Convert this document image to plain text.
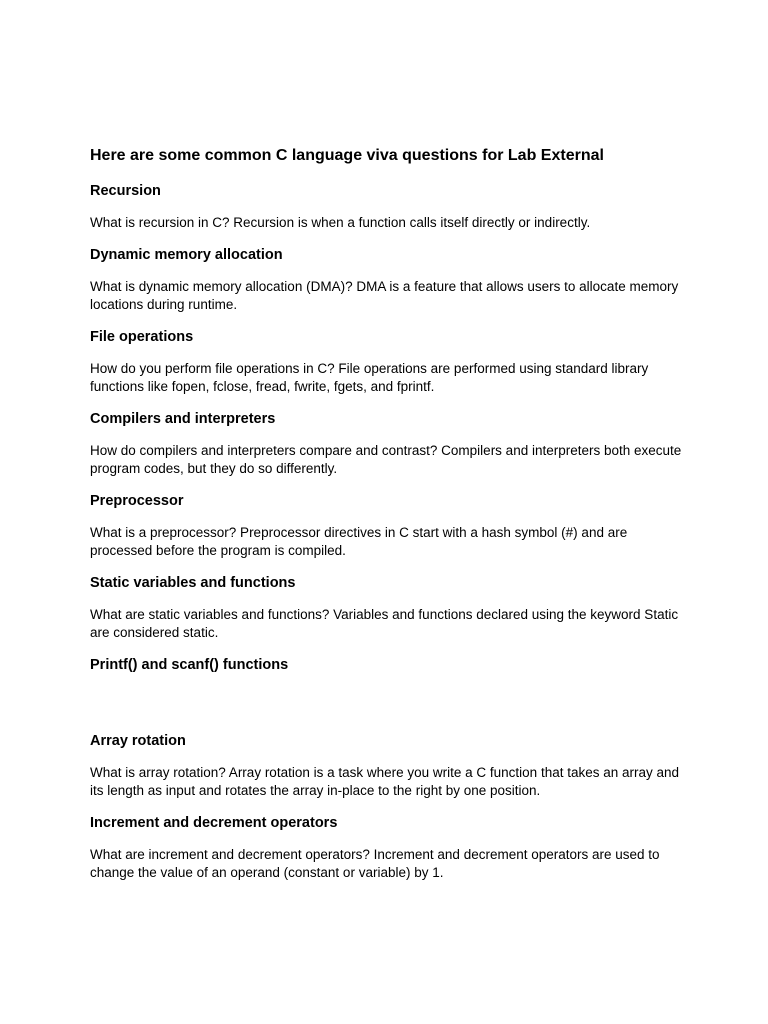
Here are some common C language viva questions for Lab External
Recursion

What is recursion in C? Recursion is when a function calls itself directly or indirectly.

Dynamic memory allocation

What is dynamic memory allocation (DMA)? DMA is a feature that allows users to allocate memory locations during runtime.

File operations

How do you perform file operations in C? File operations are performed using standard library functions like fopen, fclose, fread, fwrite, fgets, and fprintf.

Compilers and interpreters

How do compilers and interpreters compare and contrast? Compilers and interpreters both execute program codes, but they do so differently.

Preprocessor

What is a preprocessor? Preprocessor directives in C start with a hash symbol (#) and are processed before the program is compiled.

Static variables and functions

What are static variables and functions? Variables and functions declared using the keyword Static are considered static.

Printf() and scanf() functions

Array rotation

What is array rotation? Array rotation is a task where you write a C function that takes an array and its length as input and rotates the array in-place to the right by one position.

Increment and decrement operators

What are increment and decrement operators? Increment and decrement operators are used to change the value of an operand (constant or variable) by 1.
